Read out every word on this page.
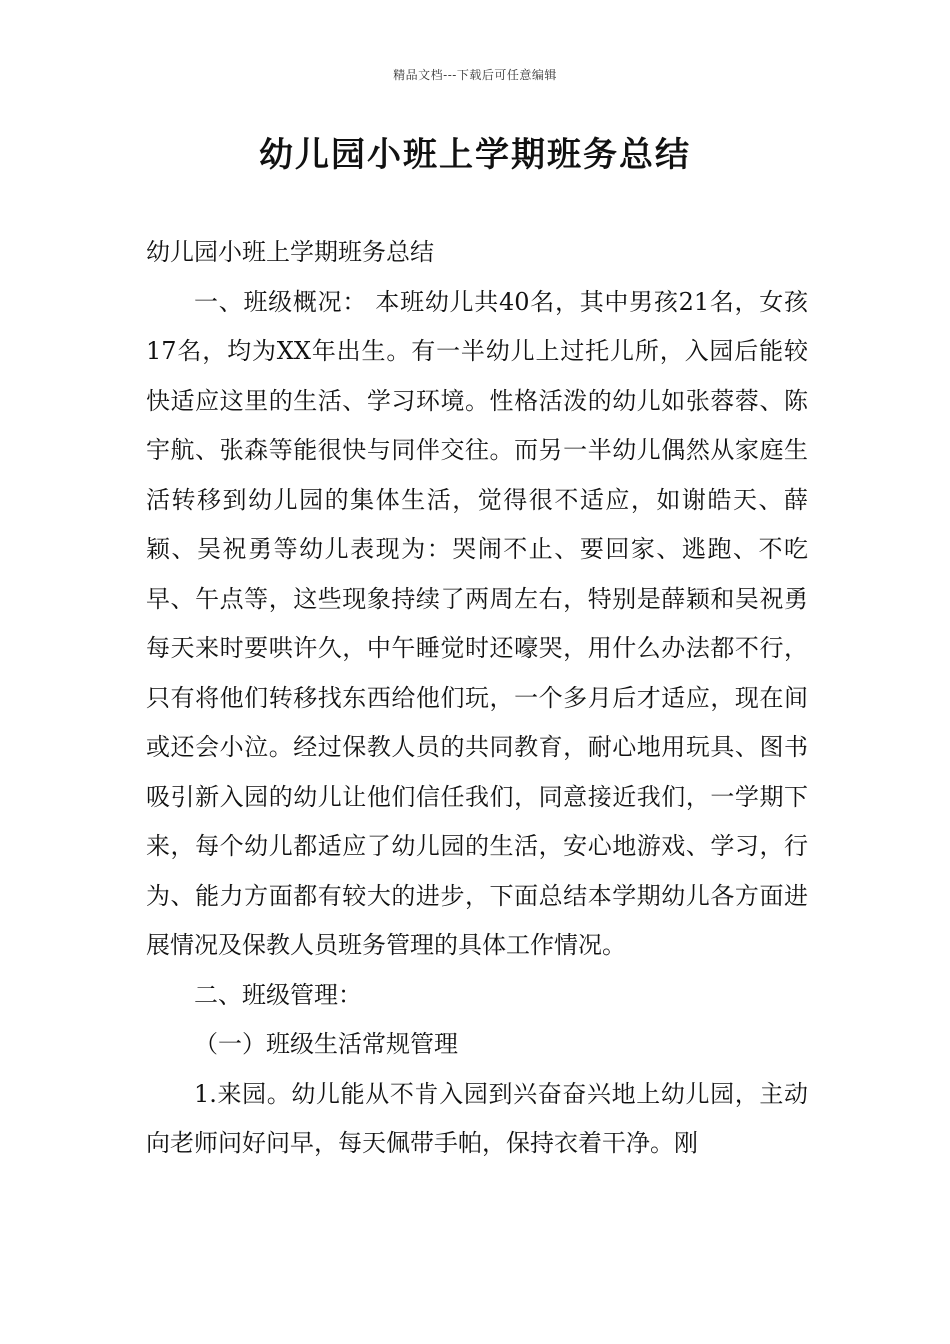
精品文档---下载后可任意编辑
幼儿园小班上学期班务总结

幼儿园小班上学期班务总结

一、班级概况： 本班幼儿共40名，其中男孩21名，女孩17名，均为XX年出生。有一半幼儿上过托儿所，入园后能较快适应这里的生活、学习环境。性格活泼的幼儿如张蓉蓉、陈宇航、张森等能很快与同伴交往。而另一半幼儿偶然从家庭生活转移到幼儿园的集体生活，觉得很不适应，如谢皓天、薛颖、吴祝勇等幼儿表现为：哭闹不止、要回家、逃跑、不吃早、午点等，这些现象持续了两周左右，特别是薛颖和吴祝勇每天来时要哄许久，中午睡觉时还嚎哭，用什么办法都不行，只有将他们转移找东西给他们玩，一个多月后才适应，现在间或还会小泣。经过保教人员的共同教育，耐心地用玩具、图书吸引新入园的幼儿让他们信任我们，同意接近我们，一学期下来，每个幼儿都适应了幼儿园的生活，安心地游戏、学习，行为、能力方面都有较大的进步，下面总结本学期幼儿各方面进展情况及保教人员班务管理的具体工作情况。

二、班级管理：

（一）班级生活常规管理

1.来园。幼儿能从不肯入园到兴奋奋兴地上幼儿园，主动向老师问好问早，每天佩带手帕，保持衣着干净。刚
